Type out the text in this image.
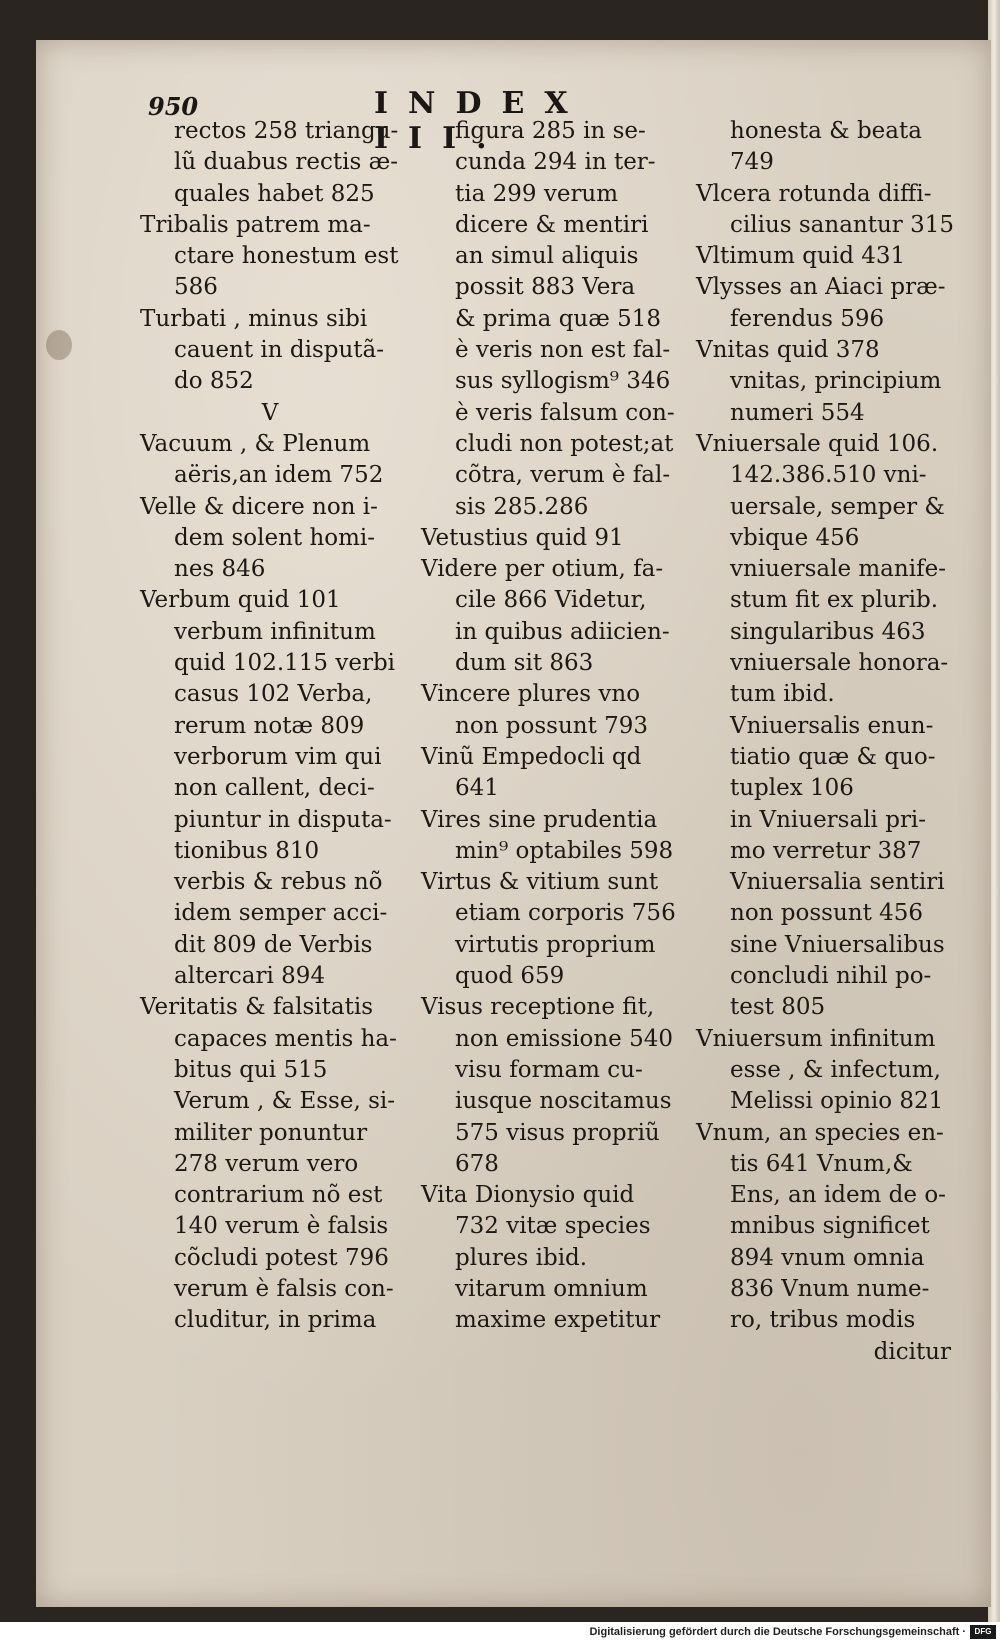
950	INDEX III.
rectos 258 triangu-
lũ duabus rectis æ-
quales habet 825
Tribalis patrem ma-
ctare honestum est
586
Turbati , minus sibi
cauent in disputã-
do 852
V
Vacuum , & Plenum
aëris,an idem 752
Velle & dicere non i-
dem solent homi-
nes 846
Verbum quid 101
verbum infinitum
quid 102.115 verbi
casus 102 Verba,
rerum notæ 809
verborum vim qui
non callent, deci-
piuntur in disputa-
tionibus 810
verbis & rebus nõ
idem semper acci-
dit 809 de Verbis
altercari 894
Veritatis & falsitatis
capaces mentis ha-
bitus qui 515
Verum , & Esse, si-
militer ponuntur
278 verum vero
contrarium nõ est
140 verum è falsis
cõcludi potest 796
verum è falsis con-
cluditur, in prima
figura 285 in se-
cunda 294 in ter-
tia 299 verum
dicere & mentiri
an simul aliquis
possit 883 Vera
& prima quæ 518
è veris non est fal-
sus syllogism⁹ 346
è veris falsum con-
cludi non potest;at
cõtra, verum è fal-
sis 285.286
Vetustius quid 91
Videre per otium, fa-
cile 866 Videtur,
in quibus adiicien-
dum sit 863
Vincere plures vno
non possunt 793
Vinũ Empedocli qd
641
Vires sine prudentia
min⁹ optabiles 598
Virtus & vitium sunt
etiam corporis 756
virtutis proprium
quod 659
Visus receptione fit,
non emissione 540
visu formam cu-
iusque noscitamus
575 visus propriũ
678
Vita Dionysio quid
732 vitæ species
plures ibid.
vitarum omnium
maxime expetitur
honesta & beata
749
Vlcera rotunda diffi-
cilius sanantur 315
Vltimum quid 431
Vlysses an Aiaci præ-
ferendus 596
Vnitas quid 378
vnitas, principium
numeri 554
Vniuersale quid 106.
142.386.510 vni-
uersale, semper &
vbique 456
vniuersale manife-
stum fit ex plurib.
singularibus 463
vniuersale honora-
tum ibid.
Vniuersalis enun-
tiatio quæ & quo-
tuplex 106
in Vniuersali pri-
mo verretur 387
Vniuersalia sentiri
non possunt 456
sine Vniuersalibus
concludi nihil po-
test 805
Vniuersum infinitum
esse , & infectum,
Melissi opinio 821
Vnum, an species en-
tis 641 Vnum,&
Ens, an idem de o-
mnibus significet
894 vnum omnia
836 Vnum nume-
ro, tribus modis
dicitur
Digitalisierung gefördert durch die Deutsche Forschungsgemeinschaft ·	DFG
